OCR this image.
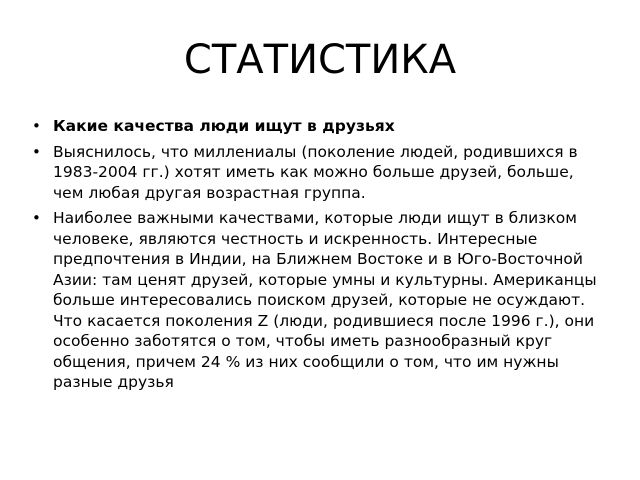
СТАТИСТИКА
• Какие качества люди ищут в друзьях
• Выяснилось, что миллениалы (поколение людей, родившихся в 1983-2004 гг.) хотят иметь как можно больше друзей, больше, чем любая другая возрастная группа.
• Наиболее важными качествами, которые люди ищут в близком человеке, являются честность и искренность. Интересные предпочтения в Индии, на Ближнем Востоке и в Юго-Восточной Азии: там ценят друзей, которые умны и культурны. Американцы больше интересовались поиском друзей, которые не осуждают. Что касается поколения Z (люди, родившиеся после 1996 г.), они особенно заботятся о том, чтобы иметь разнообразный круг общения, причем 24 % из них сообщили о том, что им нужны разные друзья
